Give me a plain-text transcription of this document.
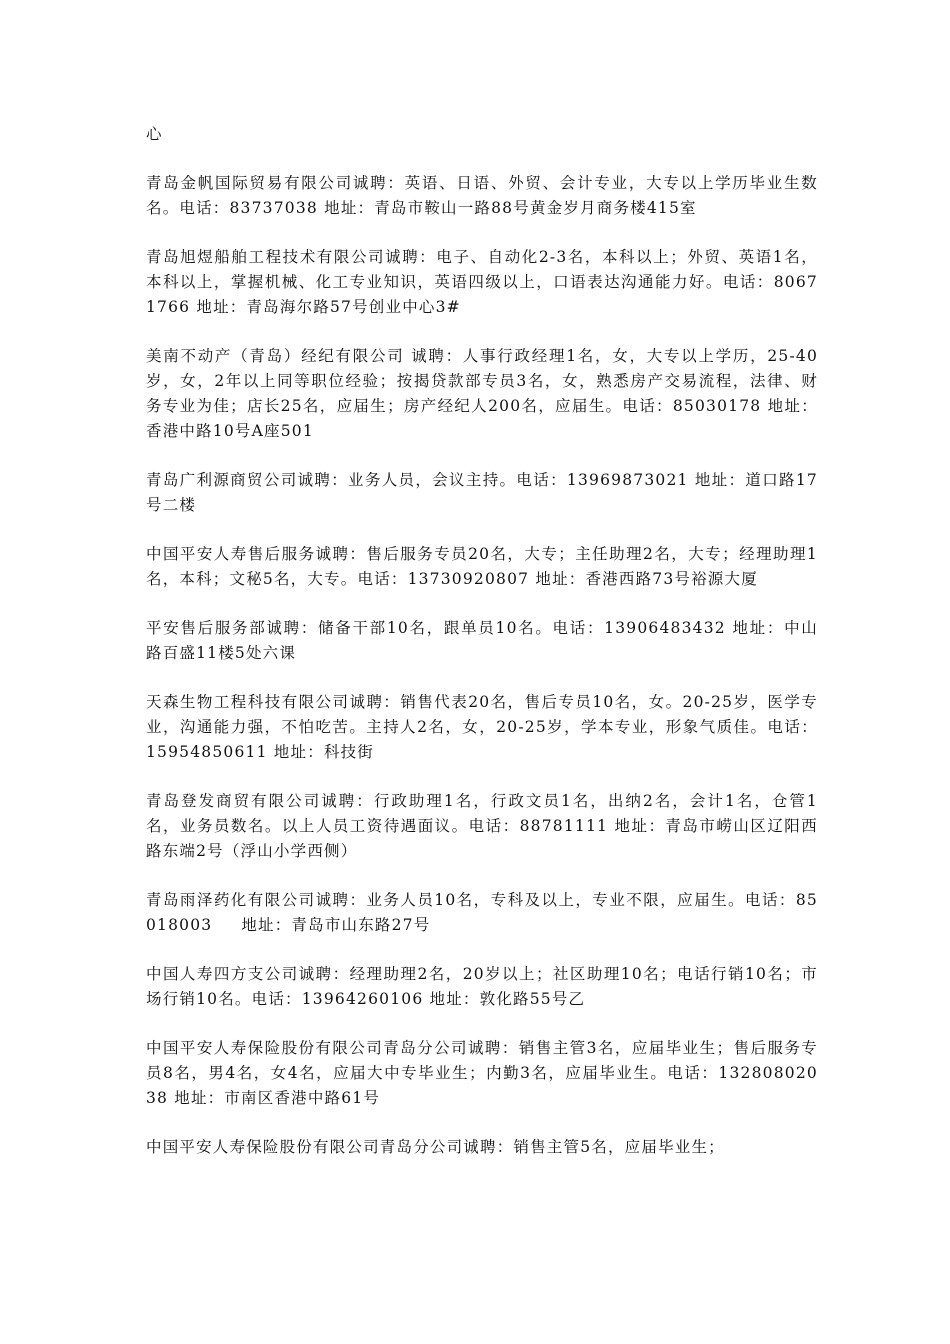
心

青岛金帆国际贸易有限公司诚聘：英语、日语、外贸、会计专业，大专以上学历毕业生数名。电话：83737038 地址：青岛市鞍山一路88号黄金岁月商务楼415室

青岛旭煜船舶工程技术有限公司诚聘：电子、自动化2-3名，本科以上；外贸、英语1名，本科以上，掌握机械、化工专业知识，英语四级以上，口语表达沟通能力好。电话：80671766 地址：青岛海尔路57号创业中心3#

美南不动产（青岛）经纪有限公司 诚聘：人事行政经理1名，女，大专以上学历，25-40岁，女，2年以上同等职位经验；按揭贷款部专员3名，女，熟悉房产交易流程，法律、财务专业为佳；店长25名，应届生；房产经纪人200名，应届生。电话：85030178 地址：香港中路10号A座501

青岛广利源商贸公司诚聘：业务人员，会议主持。电话：13969873021 地址：道口路17号二楼

中国平安人寿售后服务诚聘：售后服务专员20名，大专；主任助理2名，大专；经理助理1名，本科；文秘5名，大专。电话：13730920807 地址：香港西路73号裕源大厦

平安售后服务部诚聘：储备干部10名，跟单员10名。电话：13906483432 地址：中山路百盛11楼5处六课

天森生物工程科技有限公司诚聘：销售代表20名，售后专员10名，女。20-25岁，医学专业，沟通能力强，不怕吃苦。主持人2名，女，20-25岁，学本专业，形象气质佳。电话：15954850611 地址：科技街

青岛登发商贸有限公司诚聘：行政助理1名，行政文员1名，出纳2名，会计1名，仓管1名，业务员数名。以上人员工资待遇面议。电话：88781111 地址：青岛市崂山区辽阳西路东端2号（浮山小学西侧）

青岛雨泽药化有限公司诚聘：业务人员10名，专科及以上，专业不限，应届生。电话：85018003 　 地址：青岛市山东路27号

中国人寿四方支公司诚聘：经理助理2名，20岁以上；社区助理10名；电话行销10名；市场行销10名。电话：13964260106 地址：敦化路55号乙

中国平安人寿保险股份有限公司青岛分公司诚聘：销售主管3名，应届毕业生；售后服务专员8名，男4名，女4名，应届大中专毕业生；内勤3名，应届毕业生。电话：13280802038 地址：市南区香港中路61号

中国平安人寿保险股份有限公司青岛分公司诚聘：销售主管5名，应届毕业生；
